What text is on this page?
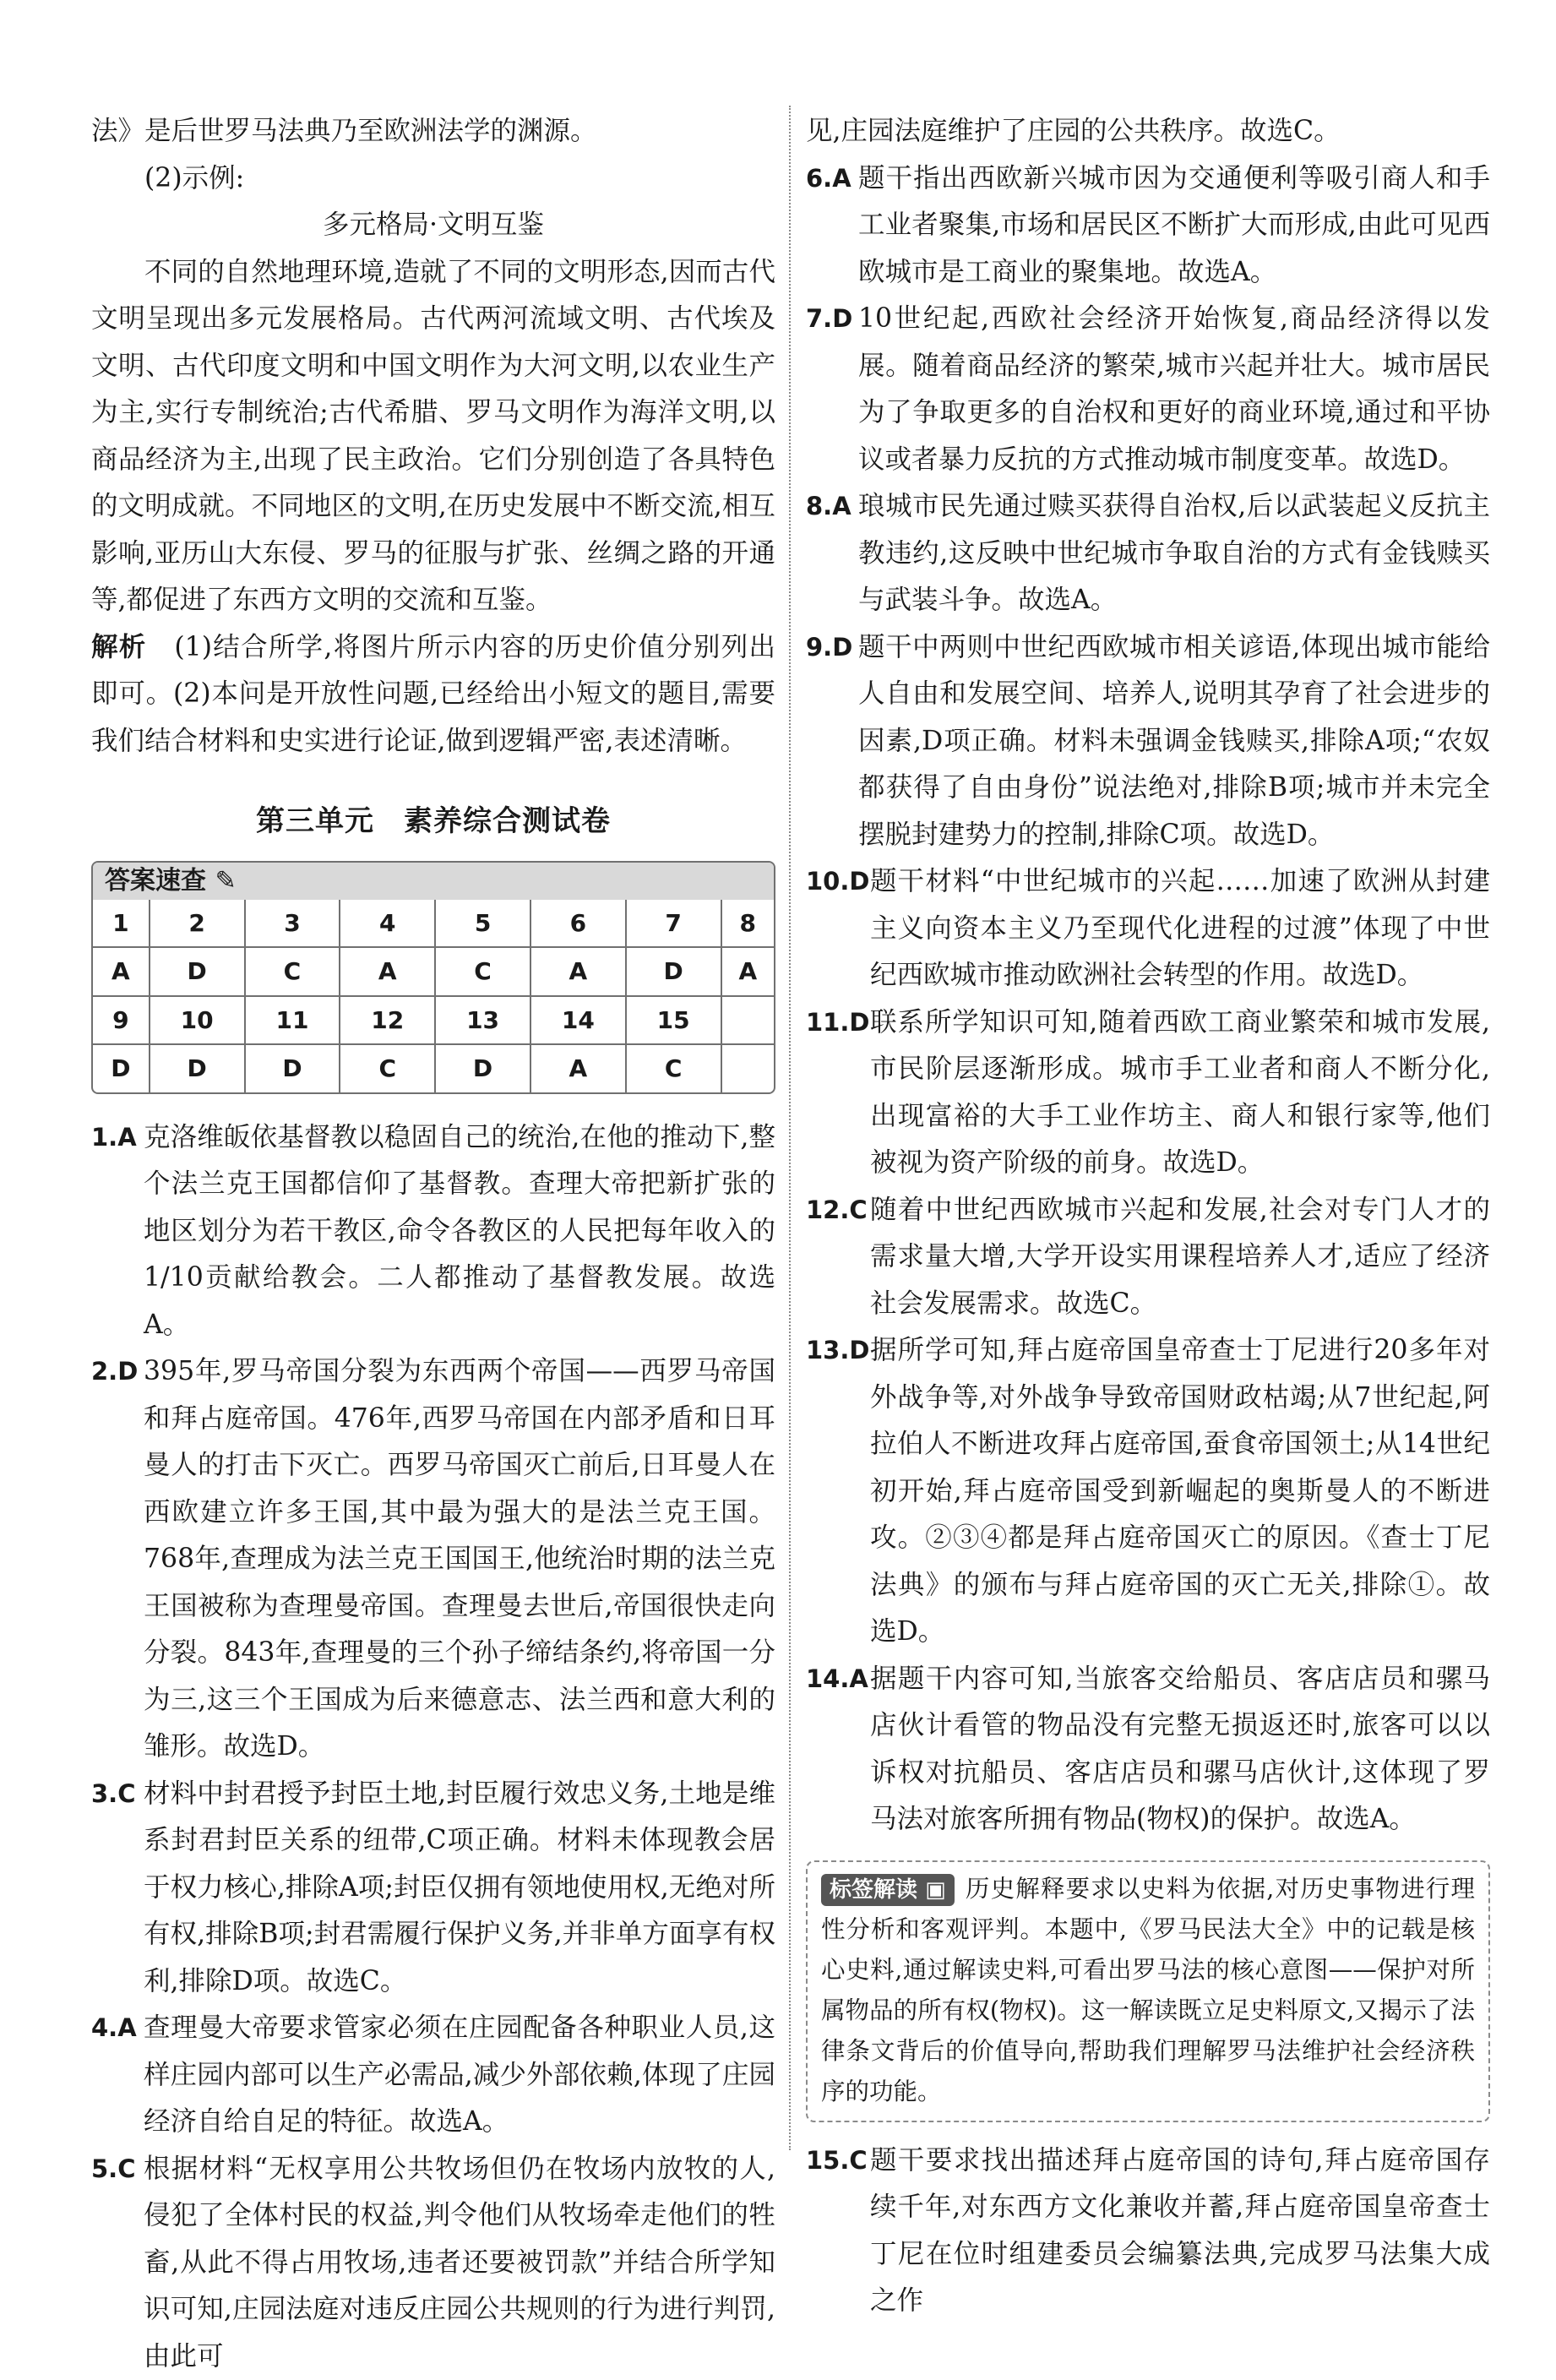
法》是后世罗马法典乃至欧洲法学的渊源。

(2)示例:

多元格局·文明互鉴

不同的自然地理环境,造就了不同的文明形态,因而古代文明呈现出多元发展格局。古代两河流域文明、古代埃及文明、古代印度文明和中国文明作为大河文明,以农业生产为主,实行专制统治;古代希腊、罗马文明作为海洋文明,以商品经济为主,出现了民主政治。它们分别创造了各具特色的文明成就。不同地区的文明,在历史发展中不断交流,相互影响,亚历山大东侵、罗马的征服与扩张、丝绸之路的开通等,都促进了东西方文明的交流和互鉴。

解析　 (1)结合所学,将图片所示内容的历史价值分别列出即可。(2)本问是开放性问题,已经给出小短文的题目,需要我们结合材料和史实进行论证,做到逻辑严密,表述清晰。

第三单元　素养综合测试卷
答案速查 ✎
1	2	3	4	5	6	7	8
A	D	C	A	C	A	D	A
9	10	11	12	13	14	15	
D	D	D	C	D	A	C	

1.A 克洛维皈依基督教以稳固自己的统治,在他的推动下,整个法兰克王国都信仰了基督教。查理大帝把新扩张的地区划分为若干教区,命令各教区的人民把每年收入的1/10贡献给教会。二人都推动了基督教发展。故选A。

2.D 395年,罗马帝国分裂为东西两个帝国——西罗马帝国和拜占庭帝国。476年,西罗马帝国在内部矛盾和日耳曼人的打击下灭亡。西罗马帝国灭亡前后,日耳曼人在西欧建立许多王国,其中最为强大的是法兰克王国。768年,查理成为法兰克王国国王,他统治时期的法兰克王国被称为查理曼帝国。查理曼去世后,帝国很快走向分裂。843年,查理曼的三个孙子缔结条约,将帝国一分为三,这三个王国成为后来德意志、法兰西和意大利的雏形。故选D。

3.C 材料中封君授予封臣土地,封臣履行效忠义务,土地是维系封君封臣关系的纽带,C项正确。材料未体现教会居于权力核心,排除A项;封臣仅拥有领地使用权,无绝对所有权,排除B项;封君需履行保护义务,并非单方面享有权利,排除D项。故选C。

4.A 查理曼大帝要求管家必须在庄园配备各种职业人员,这样庄园内部可以生产必需品,减少外部依赖,体现了庄园经济自给自足的特征。故选A。

5.C 根据材料“无权享用公共牧场但仍在牧场内放牧的人,侵犯了全体村民的权益,判令他们从牧场牵走他们的牲畜,从此不得占用牧场,违者还要被罚款”并结合所学知识可知,庄园法庭对违反庄园公共规则的行为进行判罚,由此可

见,庄园法庭维护了庄园的公共秩序。故选C。

6.A 题干指出西欧新兴城市因为交通便利等吸引商人和手工业者聚集,市场和居民区不断扩大而形成,由此可见西欧城市是工商业的聚集地。故选A。

7.D 10世纪起,西欧社会经济开始恢复,商品经济得以发展。随着商品经济的繁荣,城市兴起并壮大。城市居民为了争取更多的自治权和更好的商业环境,通过和平协议或者暴力反抗的方式推动城市制度变革。故选D。

8.A 琅城市民先通过赎买获得自治权,后以武装起义反抗主教违约,这反映中世纪城市争取自治的方式有金钱赎买与武装斗争。故选A。

9.D 题干中两则中世纪西欧城市相关谚语,体现出城市能给人自由和发展空间、培养人,说明其孕育了社会进步的因素,D项正确。材料未强调金钱赎买,排除A项;“农奴都获得了自由身份”说法绝对,排除B项;城市并未完全摆脱封建势力的控制,排除C项。故选D。

10.D 题干材料“中世纪城市的兴起……加速了欧洲从封建主义向资本主义乃至现代化进程的过渡”体现了中世纪西欧城市推动欧洲社会转型的作用。故选D。

11.D 联系所学知识可知,随着西欧工商业繁荣和城市发展,市民阶层逐渐形成。城市手工业者和商人不断分化,出现富裕的大手工业作坊主、商人和银行家等,他们被视为资产阶级的前身。故选D。

12.C 随着中世纪西欧城市兴起和发展,社会对专门人才的需求量大增,大学开设实用课程培养人才,适应了经济社会发展需求。故选C。

13.D 据所学可知,拜占庭帝国皇帝查士丁尼进行20多年对外战争等,对外战争导致帝国财政枯竭;从7世纪起,阿拉伯人不断进攻拜占庭帝国,蚕食帝国领土;从14世纪初开始,拜占庭帝国受到新崛起的奥斯曼人的不断进攻。②③④都是拜占庭帝国灭亡的原因。《查士丁尼法典》的颁布与拜占庭帝国的灭亡无关,排除①。故选D。

14.A 据题干内容可知,当旅客交给船员、客店店员和骡马店伙计看管的物品没有完整无损返还时,旅客可以以诉权对抗船员、客店店员和骡马店伙计,这体现了罗马法对旅客所拥有物品(物权)的保护。故选A。

标签解读 ▣ 历史解释要求以史料为依据,对历史事物进行理性分析和客观评判。本题中,《罗马民法大全》中的记载是核心史料,通过解读史料,可看出罗马法的核心意图——保护对所属物品的所有权(物权)。这一解读既立足史料原文,又揭示了法律条文背后的价值导向,帮助我们理解罗马法维护社会经济秩序的功能。

15.C 题干要求找出描述拜占庭帝国的诗句,拜占庭帝国存续千年,对东西方文化兼收并蓄,拜占庭帝国皇帝查士丁尼在位时组建委员会编纂法典,完成罗马法集大成之作
